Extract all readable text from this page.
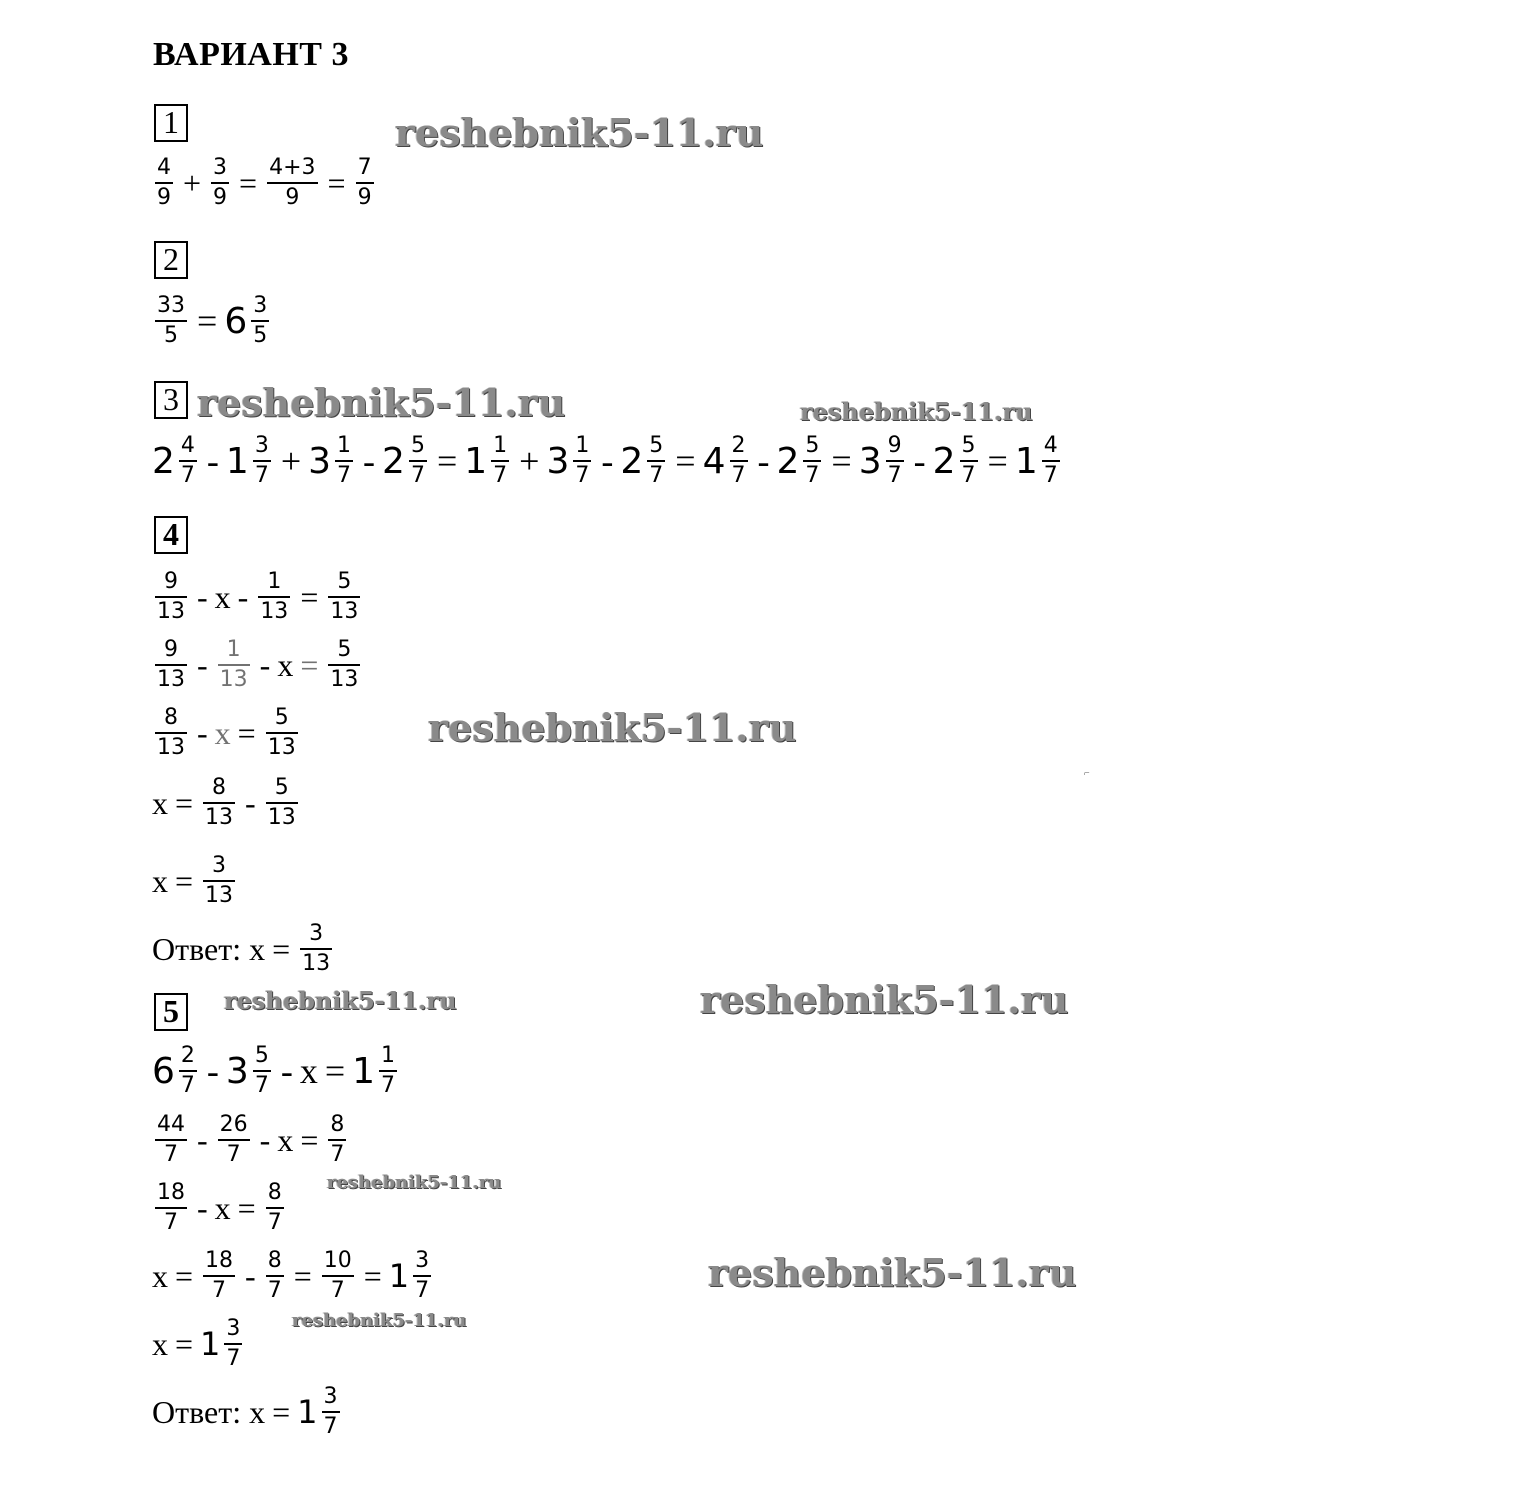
ВАРИАНТ 3
reshebnik5-11.ru
reshebnik5-11.ru	reshebnik5-11.ru
reshebnik5-11.ru
reshebnik5-11.ru	reshebnik5-11.ru
reshebnik5-11.ru
reshebnik5-11.ru
reshebnik5-11.ru
⌐
1
$\frac{4}{9} + \frac{3}{9} = \frac{4+3}{9} = \frac{7}{9}$
2
$\frac{33}{5} = 6 \frac{3}{5}$
3
$2 \frac{4}{7} - 1 \frac{3}{7} + 3 \frac{1}{7} - 2 \frac{5}{7} = 1 \frac{1}{7} + 3 \frac{1}{7} - 2 \frac{5}{7} = 4 \frac{2}{7} - 2 \frac{5}{7} = 3 \frac{9}{7} - 2 \frac{5}{7} = 1 \frac{4}{7}$
4
$\frac{9}{13} - x - \frac{1}{13} = \frac{5}{13}$
$\frac{9}{13} - \frac{1}{13} - x = \frac{5}{13}$
$\frac{8}{13} - x = \frac{5}{13}$
$x = \frac{8}{13} - \frac{5}{13}$
$x = \frac{3}{13}$
Ответ:
$x = \frac{3}{13}$
5
$6 \frac{2}{7} - 3 \frac{5}{7} - x = 1 \frac{1}{7}$
$\frac{44}{7} - \frac{26}{7} - x = \frac{8}{7}$
$\frac{18}{7} - x = \frac{8}{7}$
$x = \frac{18}{7} - \frac{8}{7} = \frac{10}{7} = 1 \frac{3}{7}$
$x = 1 \frac{3}{7}$
Ответ:
$x = 1 \frac{3}{7}$
